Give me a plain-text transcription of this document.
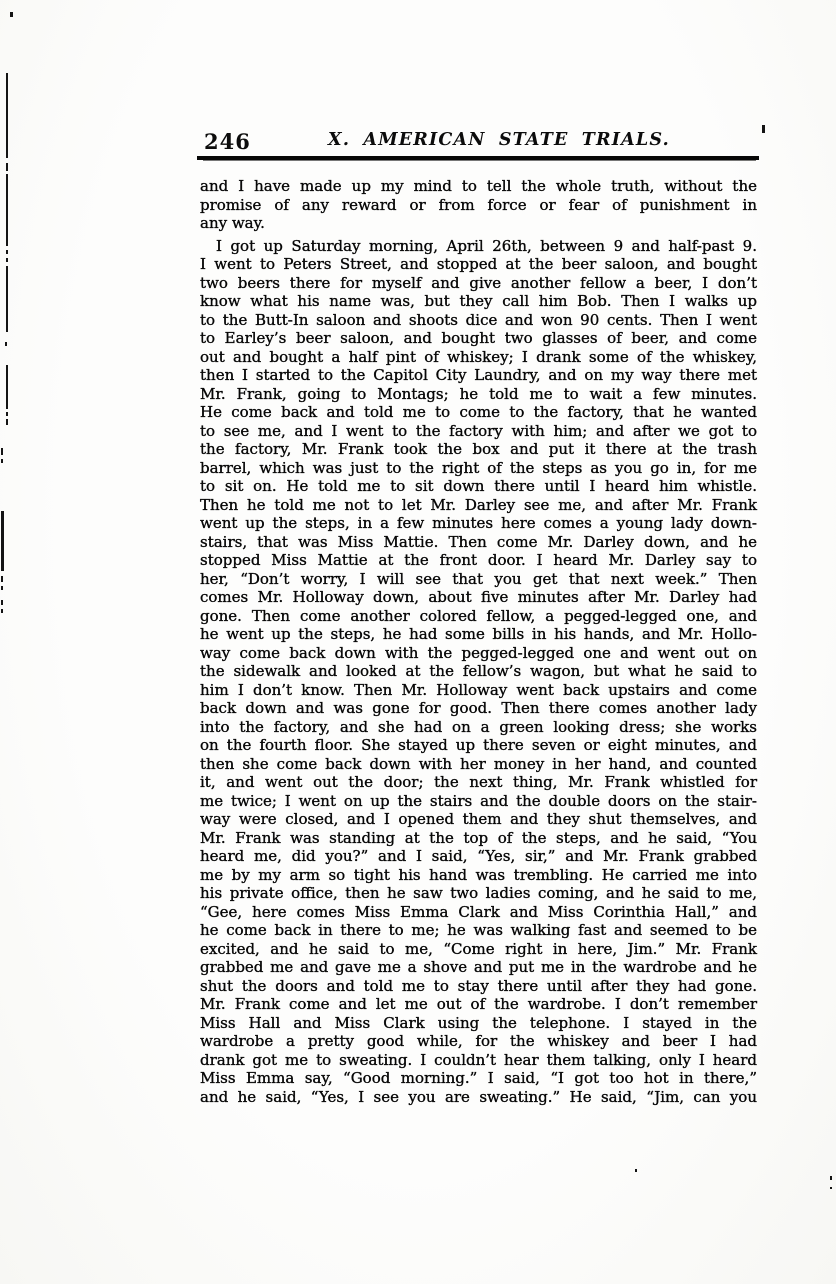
246	X. AMERICAN STATE TRIALS.
and I have made up my mind to tell the whole truth, without the
promise of any reward or from force or fear of punishment in
any way.
I got up Saturday morning, April 26th, between 9 and half-past 9.
I went to Peters Street, and stopped at the beer saloon, and bought
two beers there for myself and give another fellow a beer, I don’t
know what his name was, but they call him Bob. Then I walks up
to the Butt-In saloon and shoots dice and won 90 cents. Then I went
to Earley’s beer saloon, and bought two glasses of beer, and come
out and bought a half pint of whiskey; I drank some of the whiskey,
then I started to the Capitol City Laundry, and on my way there met
Mr. Frank, going to Montags; he told me to wait a few minutes.
He come back and told me to come to the factory, that he wanted
to see me, and I went to the factory with him; and after we got to
the factory, Mr. Frank took the box and put it there at the trash
barrel, which was just to the right of the steps as you go in, for me
to sit on. He told me to sit down there until I heard him whistle.
Then he told me not to let Mr. Darley see me, and after Mr. Frank
went up the steps, in a few minutes here comes a young lady down-
stairs, that was Miss Mattie. Then come Mr. Darley down, and he
stopped Miss Mattie at the front door. I heard Mr. Darley say to
her, “Don’t worry, I will see that you get that next week.” Then
comes Mr. Holloway down, about five minutes after Mr. Darley had
gone. Then come another colored fellow, a pegged-legged one, and
he went up the steps, he had some bills in his hands, and Mr. Hollo-
way come back down with the pegged-legged one and went out on
the sidewalk and looked at the fellow’s wagon, but what he said to
him I don’t know. Then Mr. Holloway went back upstairs and come
back down and was gone for good. Then there comes another lady
into the factory, and she had on a green looking dress; she works
on the fourth floor. She stayed up there seven or eight minutes, and
then she come back down with her money in her hand, and counted
it, and went out the door; the next thing, Mr. Frank whistled for
me twice; I went on up the stairs and the double doors on the stair-
way were closed, and I opened them and they shut themselves, and
Mr. Frank was standing at the top of the steps, and he said, “You
heard me, did you?” and I said, “Yes, sir,” and Mr. Frank grabbed
me by my arm so tight his hand was trembling. He carried me into
his private office, then he saw two ladies coming, and he said to me,
“Gee, here comes Miss Emma Clark and Miss Corinthia Hall,” and
he come back in there to me; he was walking fast and seemed to be
excited, and he said to me, “Come right in here, Jim.” Mr. Frank
grabbed me and gave me a shove and put me in the wardrobe and he
shut the doors and told me to stay there until after they had gone.
Mr. Frank come and let me out of the wardrobe. I don’t remember
Miss Hall and Miss Clark using the telephone. I stayed in the
wardrobe a pretty good while, for the whiskey and beer I had
drank got me to sweating. I couldn’t hear them talking, only I heard
Miss Emma say, “Good morning.” I said, “I got too hot in there,”
and he said, “Yes, I see you are sweating.” He said, “Jim, can you
